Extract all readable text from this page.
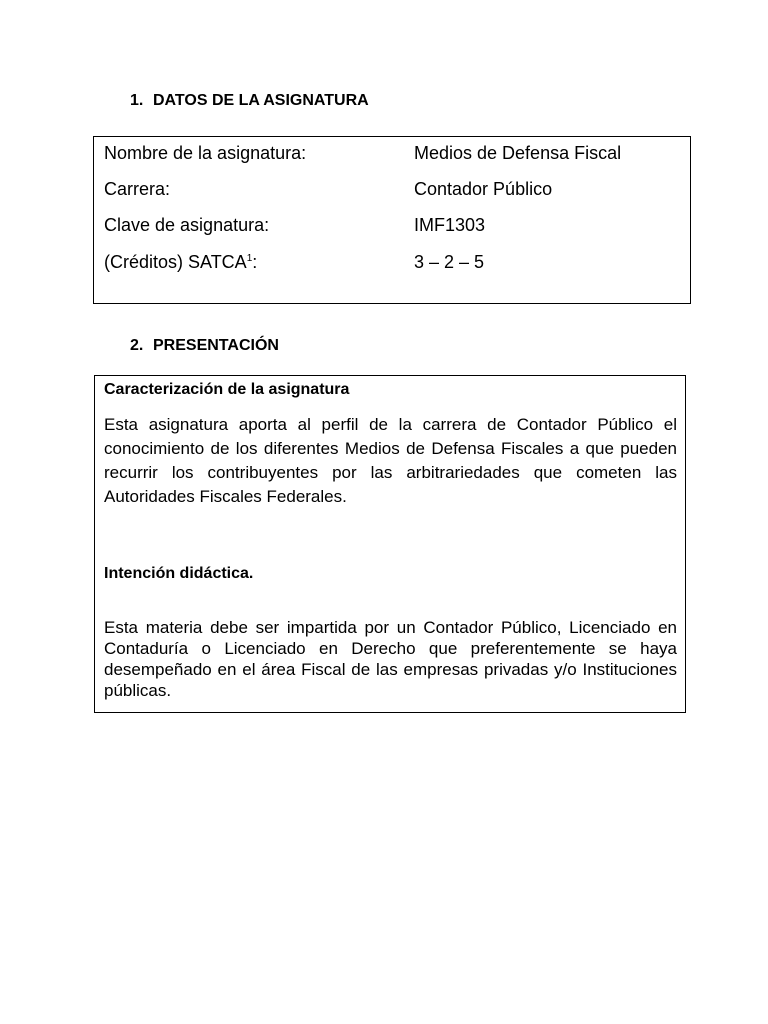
1. DATOS DE LA ASIGNATURA
Nombre de la asignatura:	Medios de Defensa Fiscal
Carrera:	Contador Público
Clave de asignatura:	IMF1303
(Créditos) SATCA$^1$:	3 – 2 – 5
2. PRESENTACIÓN
Caracterización de la asignatura

Esta asignatura aporta al perfil de la carrera de Contador Público el conocimiento de los diferentes Medios de Defensa Fiscales a que pueden recurrir los contribuyentes por las arbitrariedades que cometen las Autoridades Fiscales Federales.

Intención didáctica.

Esta materia debe ser impartida por un Contador Público, Licenciado en Contaduría o Licenciado en Derecho que preferentemente se haya desempeñado en el área Fiscal de las empresas privadas y/o Instituciones públicas.
